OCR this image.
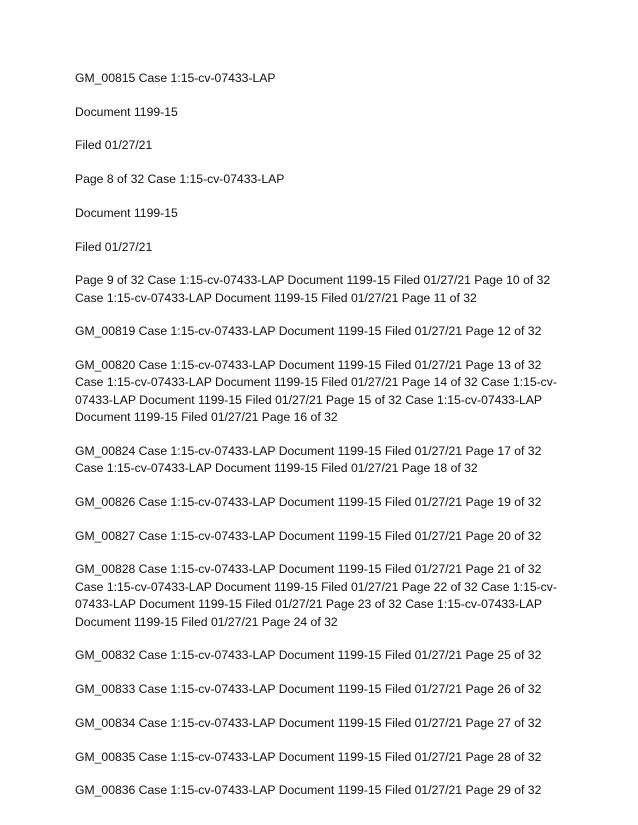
GM_00815 Case 1:15-cv-07433-LAP

Document 1199-15

Filed 01/27/21

Page 8 of 32 Case 1:15-cv-07433-LAP

Document 1199-15

Filed 01/27/21

Page 9 of 32 Case 1:15-cv-07433-LAP Document 1199-15 Filed 01/27/21 Page 10 of 32 Case 1:15-cv-07433-LAP Document 1199-15 Filed 01/27/21 Page 11 of 32

GM_00819 Case 1:15-cv-07433-LAP Document 1199-15 Filed 01/27/21 Page 12 of 32

GM_00820 Case 1:15-cv-07433-LAP Document 1199-15 Filed 01/27/21 Page 13 of 32 Case 1:15-cv-07433-LAP Document 1199-15 Filed 01/27/21 Page 14 of 32 Case 1:15-cv-07433-LAP Document 1199-15 Filed 01/27/21 Page 15 of 32 Case 1:15-cv-07433-LAP Document 1199-15 Filed 01/27/21 Page 16 of 32

GM_00824 Case 1:15-cv-07433-LAP Document 1199-15 Filed 01/27/21 Page 17 of 32 Case 1:15-cv-07433-LAP Document 1199-15 Filed 01/27/21 Page 18 of 32

GM_00826 Case 1:15-cv-07433-LAP Document 1199-15 Filed 01/27/21 Page 19 of 32

GM_00827 Case 1:15-cv-07433-LAP Document 1199-15 Filed 01/27/21 Page 20 of 32

GM_00828 Case 1:15-cv-07433-LAP Document 1199-15 Filed 01/27/21 Page 21 of 32 Case 1:15-cv-07433-LAP Document 1199-15 Filed 01/27/21 Page 22 of 32 Case 1:15-cv-07433-LAP Document 1199-15 Filed 01/27/21 Page 23 of 32 Case 1:15-cv-07433-LAP Document 1199-15 Filed 01/27/21 Page 24 of 32

GM_00832 Case 1:15-cv-07433-LAP Document 1199-15 Filed 01/27/21 Page 25 of 32

GM_00833 Case 1:15-cv-07433-LAP Document 1199-15 Filed 01/27/21 Page 26 of 32

GM_00834 Case 1:15-cv-07433-LAP Document 1199-15 Filed 01/27/21 Page 27 of 32

GM_00835 Case 1:15-cv-07433-LAP Document 1199-15 Filed 01/27/21 Page 28 of 32

GM_00836 Case 1:15-cv-07433-LAP Document 1199-15 Filed 01/27/21 Page 29 of 32
